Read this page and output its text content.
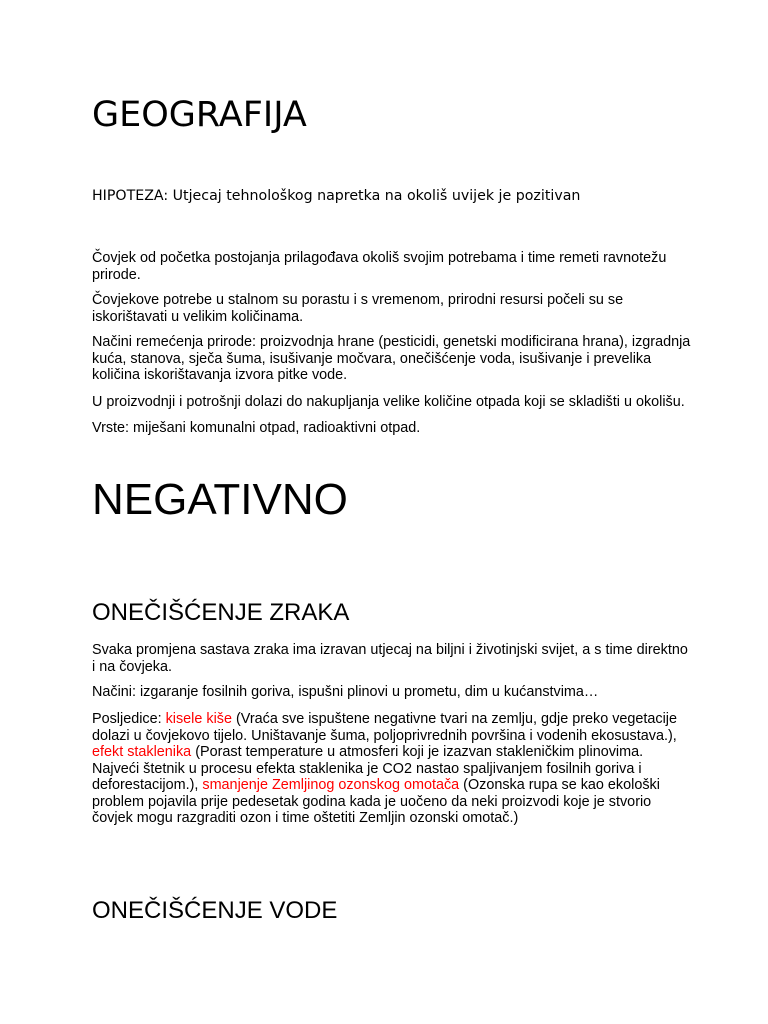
GEOGRAFIJA

HIPOTEZA: Utjecaj tehnološkog napretka na okoliš uvijek je pozitivan

Čovjek od početka postojanja prilagođava okoliš svojim potrebama i time remeti ravnotežu prirode.

Čovjekove potrebe u stalnom su porastu i s vremenom, prirodni resursi počeli su se iskorištavati u velikim količinama.

Načini remećenja prirode: proizvodnja hrane (pesticidi, genetski modificirana hrana), izgradnja kuća, stanova, sječa šuma, isušivanje močvara, onečišćenje voda, isušivanje i prevelika količina iskorištavanja izvora pitke vode.

U proizvodnji i potrošnji dolazi do nakupljanja velike količine otpada koji se skladišti u okolišu.

Vrste: miješani komunalni otpad, radioaktivni otpad.

NEGATIVNO
ONEČIŠĆENJE ZRAKA

Svaka promjena sastava zraka ima izravan utjecaj na biljni i životinjski svijet, a s time direktno i na čovjeka.

Načini: izgaranje fosilnih goriva, ispušni plinovi u prometu, dim u kućanstvima…

Posljedice: kisele kiše (Vraća sve ispuštene negativne tvari na zemlju, gdje preko vegetacije dolazi u čovjekovo tijelo. Uništavanje šuma, poljoprivrednih površina i vodenih ekosustava.), efekt staklenika (Porast temperature u atmosferi koji je izazvan stakleničkim plinovima. Najveći štetnik u procesu efekta staklenika je CO2 nastao spaljivanjem fosilnih goriva i deforestacijom.), smanjenje Zemljinog ozonskog omotača (Ozonska rupa se kao ekološki problem pojavila prije pedesetak godina kada je uočeno da neki proizvodi koje je stvorio čovjek mogu razgraditi ozon i time oštetiti Zemljin ozonski omotač.)

ONEČIŠĆENJE VODE
